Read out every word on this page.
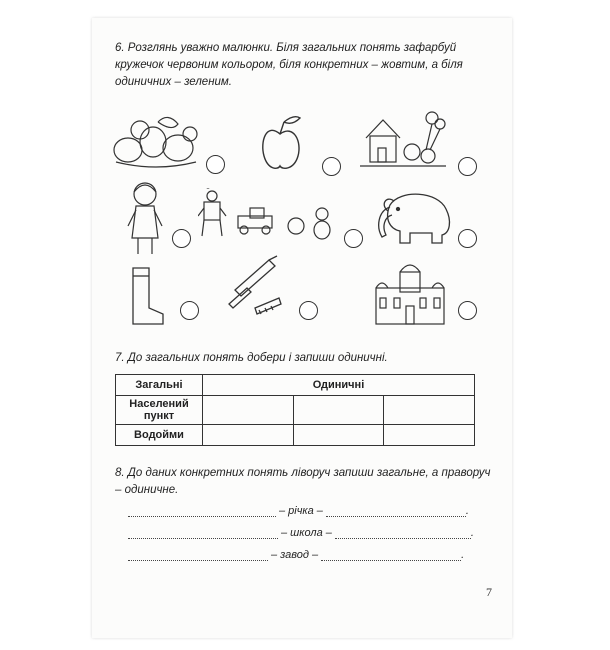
6. Розглянь уважно малюнки. Біля загальних понять зафарбуй кружечок червоним кольором, біля конкретних – жовтим, а біля одиничних – зеленим.
7. До загальних понять добери і запиши одиничні.
Загальні	Одиничні		
Населений пункт			
Водойми			
8. До даних конкретних понять ліворуч запиши загальне, а праворуч – одиничне.
– річка –	.
– школа –	.
– завод –	.
7
